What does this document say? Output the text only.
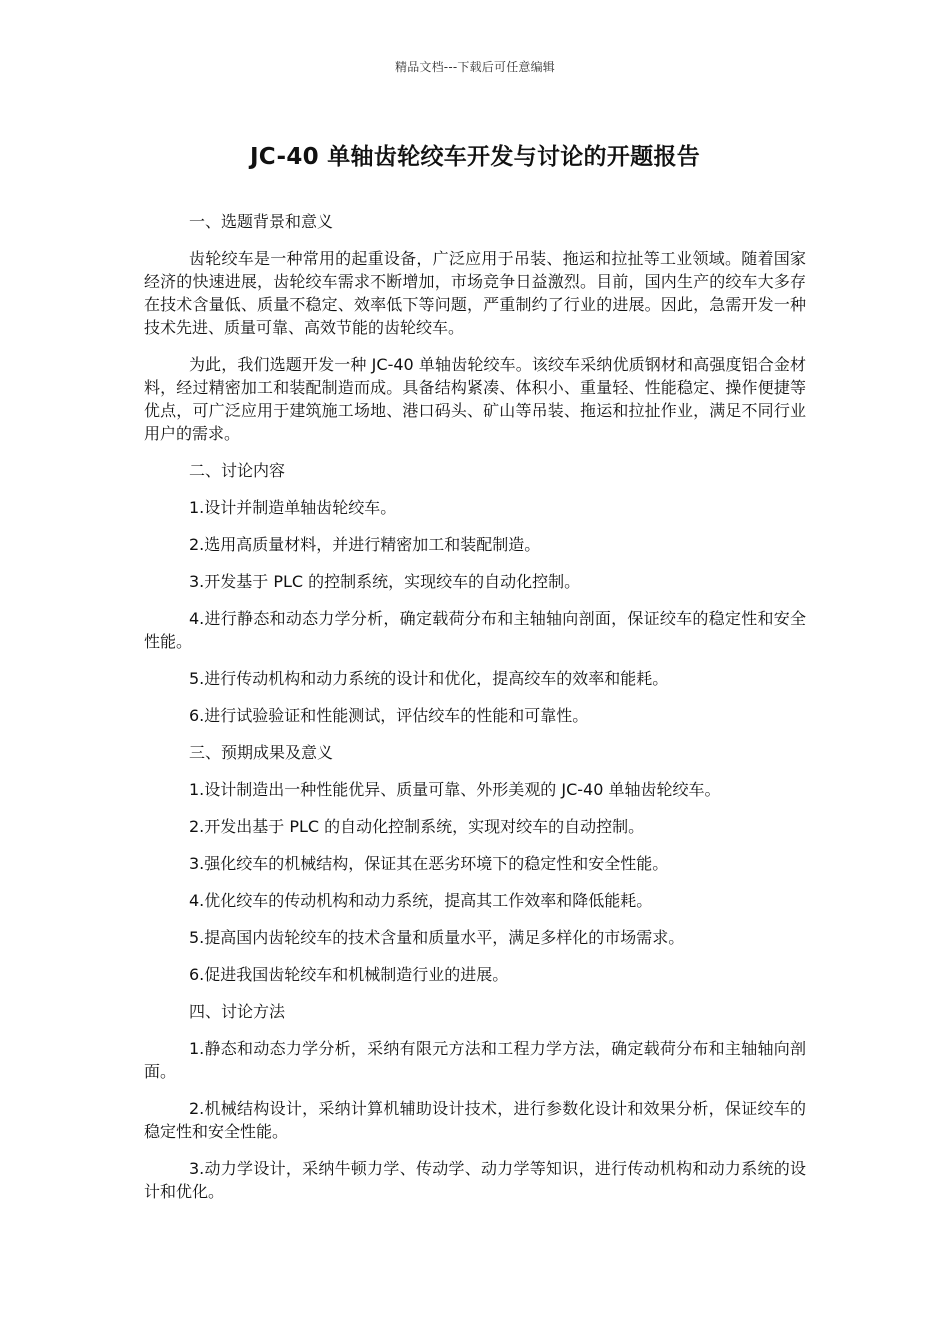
精品文档---下载后可任意编辑
JC-40 单轴齿轮绞车开发与讨论的开题报告
一、选题背景和意义

齿轮绞车是一种常用的起重设备，广泛应用于吊装、拖运和拉扯等工业领域。随着国家经济的快速进展，齿轮绞车需求不断增加，市场竞争日益激烈。目前，国内生产的绞车大多存在技术含量低、质量不稳定、效率低下等问题，严重制约了行业的进展。因此，急需开发一种技术先进、质量可靠、高效节能的齿轮绞车。

为此，我们选题开发一种 JC-40 单轴齿轮绞车。该绞车采纳优质钢材和高强度铝合金材料，经过精密加工和装配制造而成。具备结构紧凑、体积小、重量轻、性能稳定、操作便捷等优点，可广泛应用于建筑施工场地、港口码头、矿山等吊装、拖运和拉扯作业，满足不同行业用户的需求。

二、讨论内容

1.设计并制造单轴齿轮绞车。

2.选用高质量材料，并进行精密加工和装配制造。

3.开发基于 PLC 的控制系统，实现绞车的自动化控制。

4.进行静态和动态力学分析，确定载荷分布和主轴轴向剖面，保证绞车的稳定性和安全性能。

5.进行传动机构和动力系统的设计和优化，提高绞车的效率和能耗。

6.进行试验验证和性能测试，评估绞车的性能和可靠性。

三、预期成果及意义

1.设计制造出一种性能优异、质量可靠、外形美观的 JC-40 单轴齿轮绞车。

2.开发出基于 PLC 的自动化控制系统，实现对绞车的自动控制。

3.强化绞车的机械结构，保证其在恶劣环境下的稳定性和安全性能。

4.优化绞车的传动机构和动力系统，提高其工作效率和降低能耗。

5.提高国内齿轮绞车的技术含量和质量水平，满足多样化的市场需求。

6.促进我国齿轮绞车和机械制造行业的进展。

四、讨论方法

1.静态和动态力学分析，采纳有限元方法和工程力学方法，确定载荷分布和主轴轴向剖面。

2.机械结构设计，采纳计算机辅助设计技术，进行参数化设计和效果分析，保证绞车的稳定性和安全性能。

3.动力学设计，采纳牛顿力学、传动学、动力学等知识，进行传动机构和动力系统的设计和优化。
